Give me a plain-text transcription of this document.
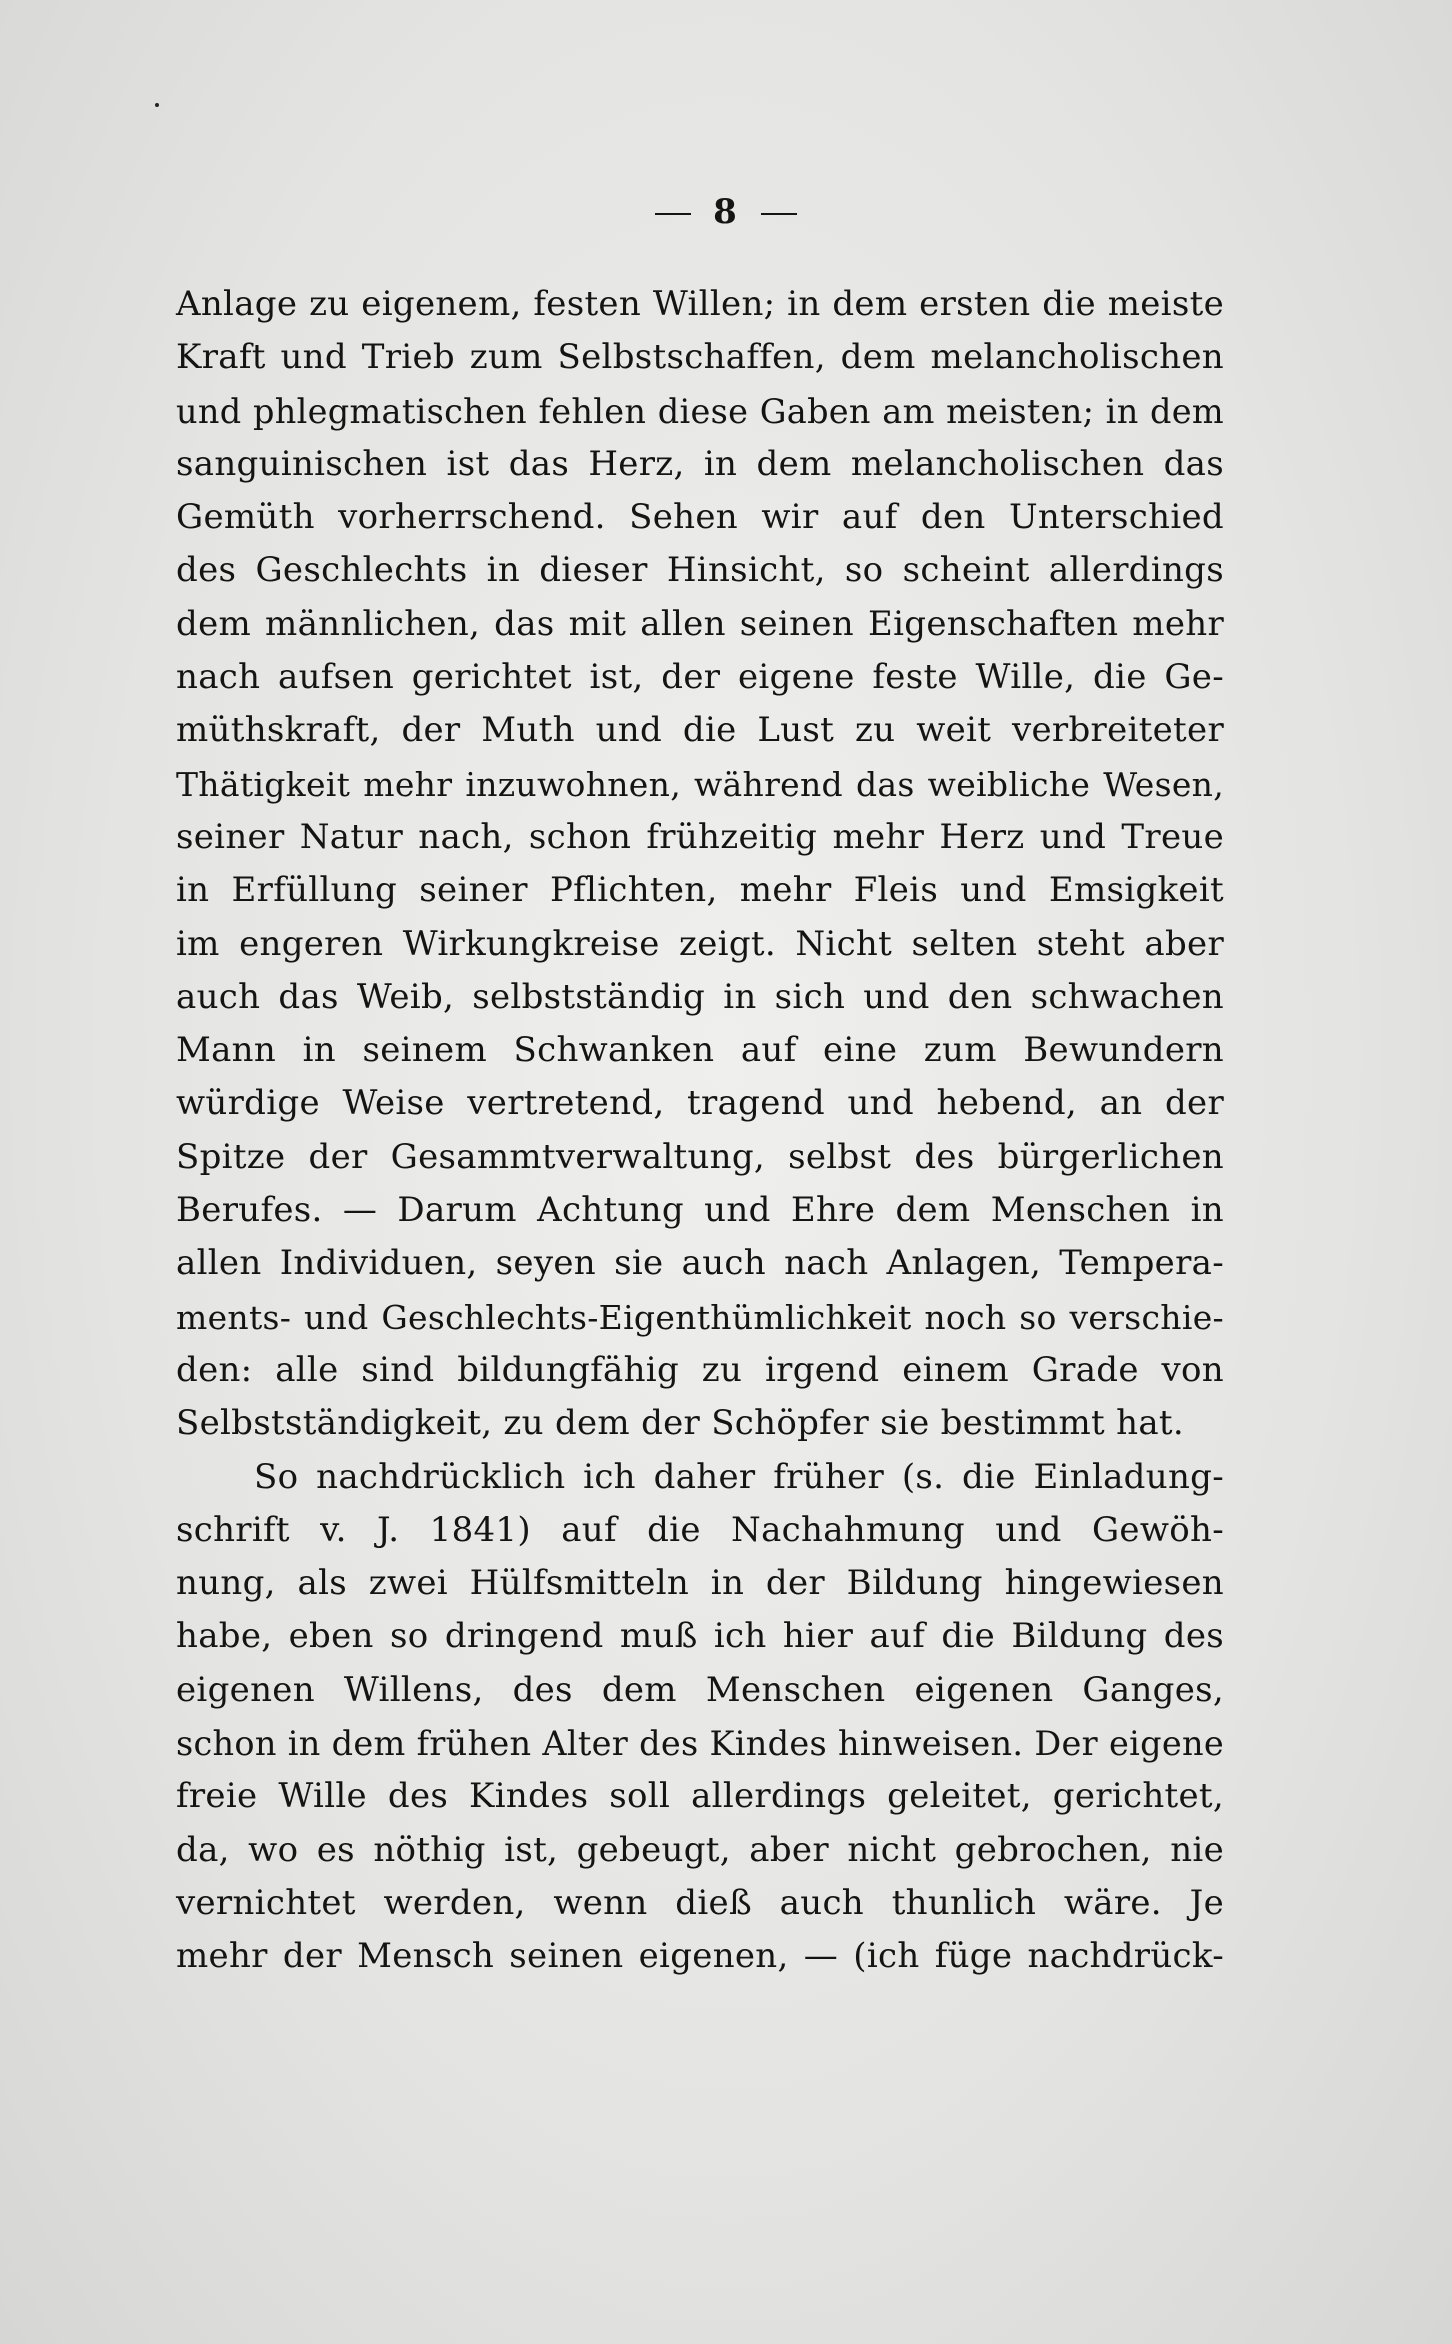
8
Anlage zu eigenem, festen Willen; in dem ersten die meiste
Kraft und Trieb zum Selbstschaffen, dem melancholischen
und phlegmatischen fehlen diese Gaben am meisten; in dem
sanguinischen ist das Herz, in dem melancholischen das
Gemüth vorherrschend. Sehen wir auf den Unterschied
des Geschlechts in dieser Hinsicht, so scheint allerdings
dem männlichen, das mit allen seinen Eigenschaften mehr
nach aufsen gerichtet ist, der eigene feste Wille, die Ge-
müthskraft, der Muth und die Lust zu weit verbreiteter
Thätigkeit mehr inzuwohnen, während das weibliche Wesen,
seiner Natur nach, schon frühzeitig mehr Herz und Treue
in Erfüllung seiner Pflichten, mehr Fleis und Emsigkeit
im engeren Wirkungkreise zeigt. Nicht selten steht aber
auch das Weib, selbstständig in sich und den schwachen
Mann in seinem Schwanken auf eine zum Bewundern
würdige Weise vertretend, tragend und hebend, an der
Spitze der Gesammtverwaltung, selbst des bürgerlichen
Berufes. — Darum Achtung und Ehre dem Menschen in
allen Individuen, seyen sie auch nach Anlagen, Tempera-
ments- und Geschlechts-Eigenthümlichkeit noch so verschie-
den: alle sind bildungfähig zu irgend einem Grade von
Selbstständigkeit, zu dem der Schöpfer sie bestimmt hat.
So nachdrücklich ich daher früher (s. die Einladung-
schrift v. J. 1841) auf die Nachahmung und Gewöh-
nung, als zwei Hülfsmitteln in der Bildung hingewiesen
habe, eben so dringend muß ich hier auf die Bildung des
eigenen Willens, des dem Menschen eigenen Ganges,
schon in dem frühen Alter des Kindes hinweisen. Der eigene
freie Wille des Kindes soll allerdings geleitet, gerichtet,
da, wo es nöthig ist, gebeugt, aber nicht gebrochen, nie
vernichtet werden, wenn dieß auch thunlich wäre. Je
mehr der Mensch seinen eigenen, — (ich füge nachdrück-
